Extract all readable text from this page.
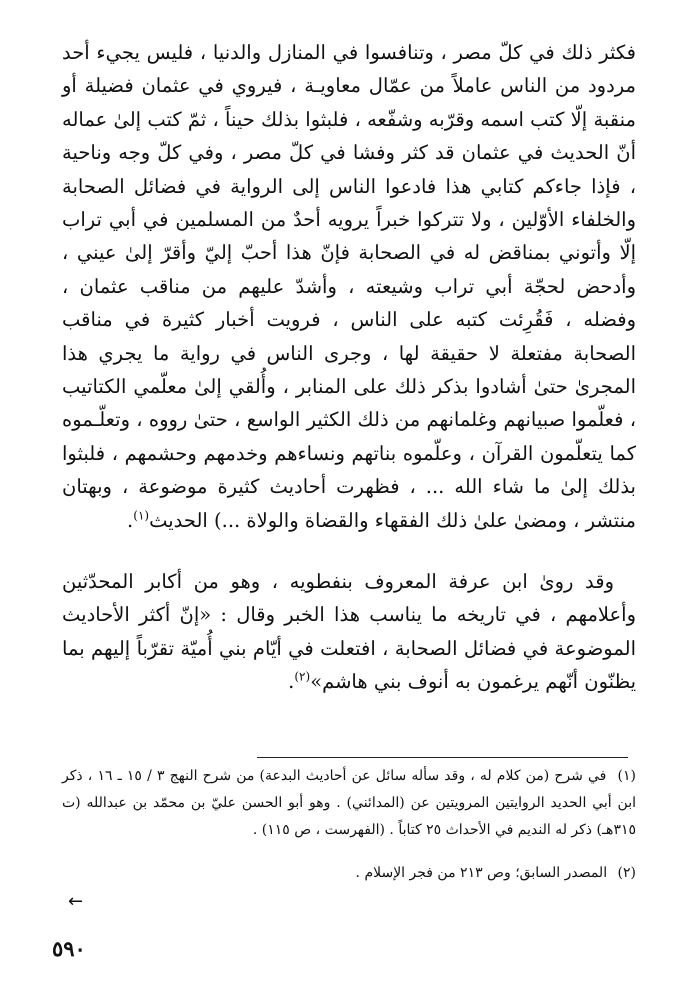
فكثر ذلك في كلّ مصر ، وتنافسوا في المنازل والدنيا ، فليس يجيء أحد مردود من الناس عاملاً من عمّال معاويـة ، فيروي في عثمان فضيلة أو منقبة إلّا كتب اسمه وقرّبه وشفّعه ، فلبثوا بذلك حيناً ، ثمّ كتب إلىٰ عماله أنّ الحديث في عثمان قد كثر وفشا في كلّ مصر ، وفي كلّ وجه وناحية ، فإذا جاءكم كتابي هذا فادعوا الناس إلى الرواية في فضائل الصحابة والخلفاء الأوّلين ، ولا تتركوا خبراً يرويه أحدٌ من المسلمين في أبي تراب إلّا وأتوني بمناقض له في الصحابة فإنّ هذا أحبّ إليّ وأقرّ إلىٰ عيني ، وأدحض لحجّة أبي تراب وشيعته ، وأشدّ عليهم من مناقب عثمان ، وفضله ، فَقُرِئت كتبه على الناس ، فرويت أخبار كثيرة في مناقب الصحابة مفتعلة لا حقيقة لها ، وجرى الناس في رواية ما يجري هذا المجرىٰ حتىٰ أشادوا بذكر ذلك على المنابر ، وأُلقي إلىٰ معلّمي الكتاتيب ، فعلّموا صبيانهم وغلمانهم من ذلك الكثير الواسع ، حتىٰ رووه ، وتعلّـموه كما يتعلّمون القرآن ، وعلّموه بناتهم ونساءهم وخدمهم وحشمهم ، فلبثوا بذلك إلىٰ ما شاء الله ... ، فظهرت أحاديث كثيرة موضوعة ، وبهتان منتشر ، ومضىٰ علىٰ ذلك الفقهاء والقضاة والولاة ...) الحديث$^{(١)}$.

وقد روىٰ ابن عرفة المعروف بنفطويه ، وهو من أكابر المحدّثين وأعلامهم ، في تاريخه ما يناسب هذا الخبر وقال : «إنّ أكثر الأحاديث الموضوعة في فضائل الصحابة ، افتعلت في أيّام بني أُميّة تقرّباً إليهم بما يظنّون أنّهم يرغمون به أنوف بني هاشم»$^{(٢)}$.

(١) في شرح (من كلام له ، وقد سأله سائل عن أحاديث البدعة) من شرح النهج ٣ / ١٥ ـ ١٦ ، ذكر ابن أبي الحديد الروايتين المرويتين عن (المدائني) . وهو أبو الحسن عليّ بن محمّد بن عبدالله (ت ٣١٥هـ) ذكر له النديم في الأحداث ٢٥ كتاباً . (الفهرست ، ص ١١٥) .

(٢) المصدر السابق؛ وص ٢١٣ من فجر الإسلام .

←
٥٩٠
